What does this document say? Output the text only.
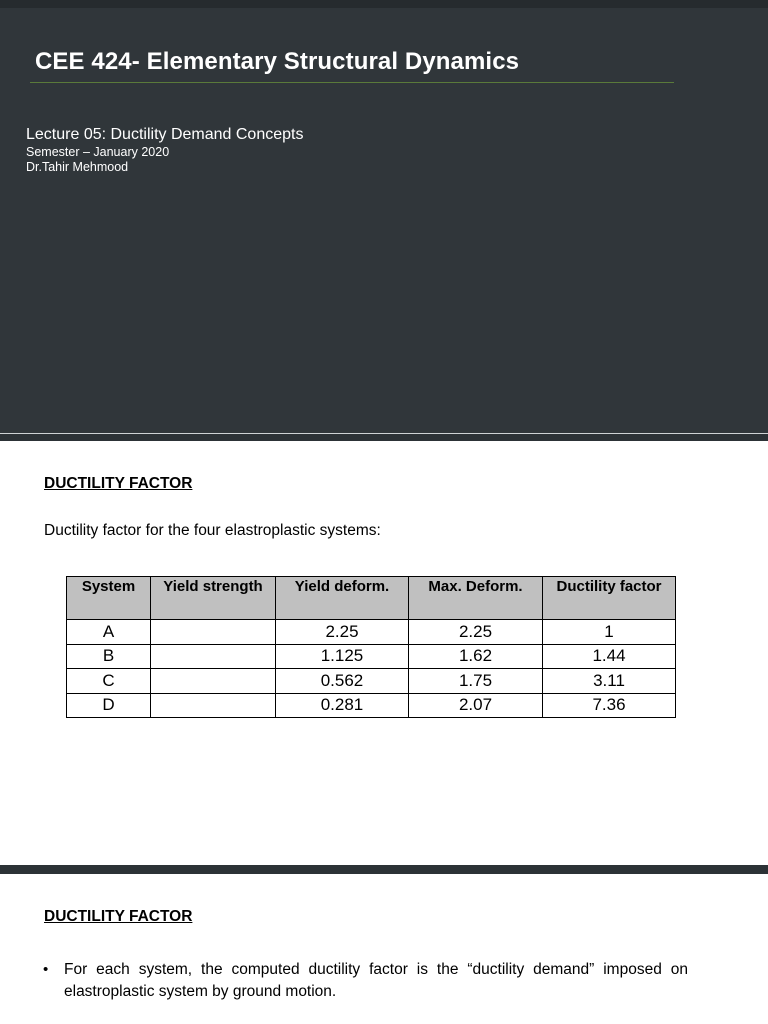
CEE 424- Elementary Structural Dynamics
Lecture 05: Ductility Demand Concepts
Semester – January 2020
Dr.Tahir Mehmood
DUCTILITY FACTOR
Ductility factor for the four elastroplastic systems:
System	Yield strength	Yield deform.	Max. Deform.	Ductility factor
A		2.25	2.25	1
B		1.125	1.62	1.44
C		0.562	1.75	3.11
D		0.281	2.07	7.36
DUCTILITY FACTOR
• For each system, the computed ductility factor is the “ductility demand” imposed on elastroplastic system by ground motion.
